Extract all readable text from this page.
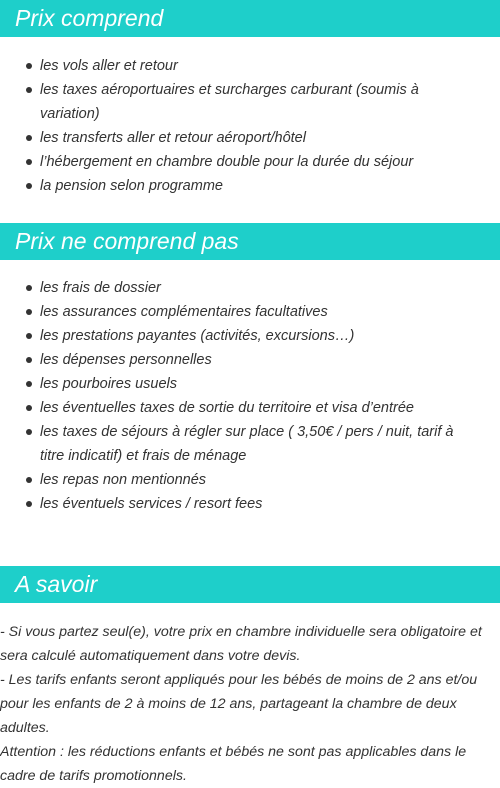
Prix comprend
les vols aller et retour
les taxes aéroportuaires et surcharges carburant (soumis à variation)
les transferts aller et retour aéroport/hôtel
l’hébergement en chambre double pour la durée du séjour
la pension selon programme
Prix ne comprend pas
les frais de dossier
les assurances complémentaires facultatives
les prestations payantes (activités, excursions…)
les dépenses personnelles
les pourboires usuels
les éventuelles taxes de sortie du territoire et visa d’entrée
les taxes de séjours à régler sur place ( 3,50€ / pers / nuit, tarif à titre indicatif) et frais de ménage
les repas non mentionnés
les éventuels services / resort fees
A savoir

- Si vous partez seul(e), votre prix en chambre individuelle sera obligatoire et sera calculé automatiquement dans votre devis.

- Les tarifs enfants seront appliqués pour les bébés de moins de 2 ans et/ou pour les enfants de 2 à moins de 12 ans, partageant la chambre de deux adultes.

Attention : les réductions enfants et bébés ne sont pas applicables dans le cadre de tarifs promotionnels.
